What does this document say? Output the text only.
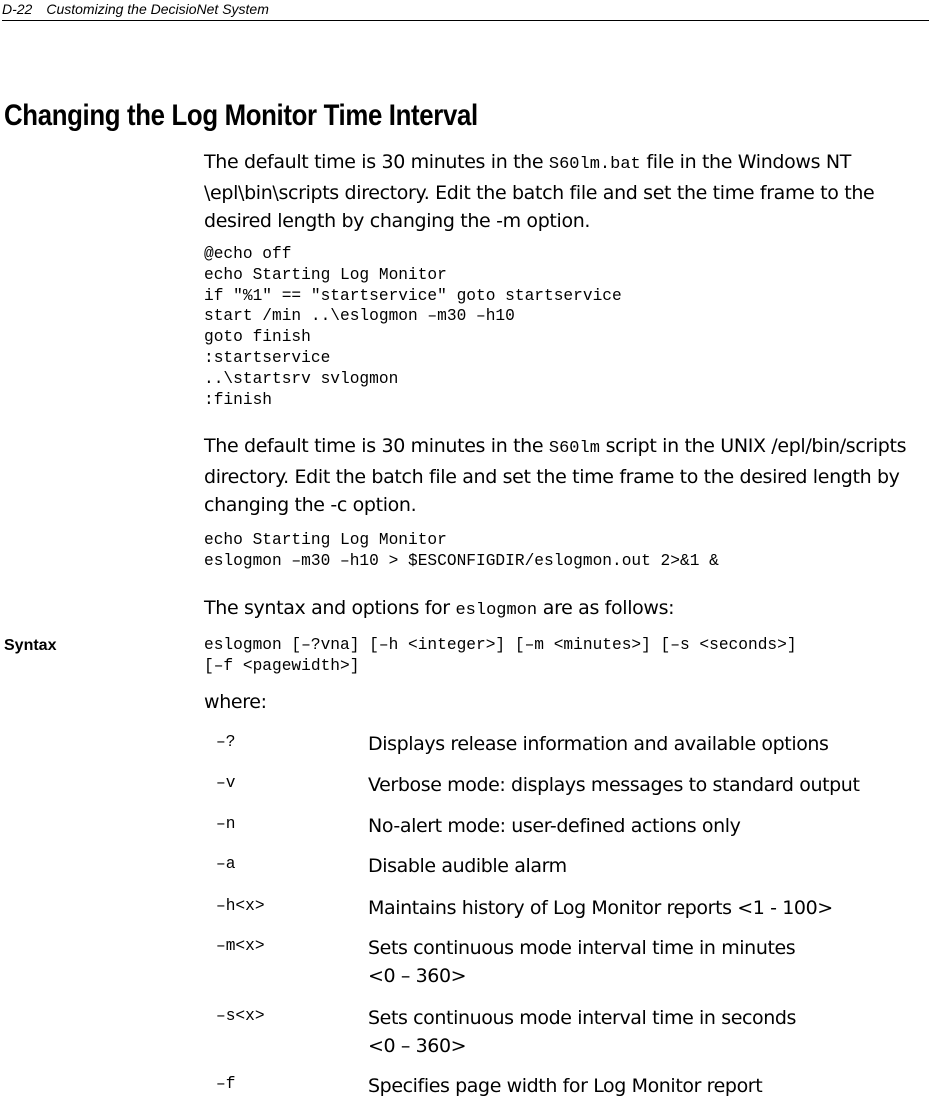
D-22 Customizing the DecisioNet System
Changing the Log Monitor Time Interval
The default time is 30 minutes in the S60lm.bat file in the Windows NT \epl\bin\scripts directory. Edit the batch file and set the time frame to the desired length by changing the -m option.
@echo off
echo Starting Log Monitor
if "%1" == "startservice" goto startservice
start /min ..\eslogmon –m30 –h10
goto finish
:startservice
..\startsrv svlogmon
:finish
The default time is 30 minutes in the S60lm script in the UNIX /epl/bin/scripts directory. Edit the batch file and set the time frame to the desired length by changing the -c option.
echo Starting Log Monitor
eslogmon –m30 –h10 > $ESCONFIGDIR/eslogmon.out 2>&1 &
The syntax and options for eslogmon are as follows:
Syntax	eslogmon [–?vna] [–h <integer>] [–m <minutes>] [–s <seconds>]
[–f <pagewidth>]
where:
–?	Displays release information and available options
–v	Verbose mode: displays messages to standard output
–n	No-alert mode: user-defined actions only
–a	Disable audible alarm
–h<x>	Maintains history of Log Monitor reports <1 - 100>
–m<x>	Sets continuous mode interval time in minutes
<0 – 360>
–s<x>	Sets continuous mode interval time in seconds
<0 – 360>
–f	Specifies page width for Log Monitor report
